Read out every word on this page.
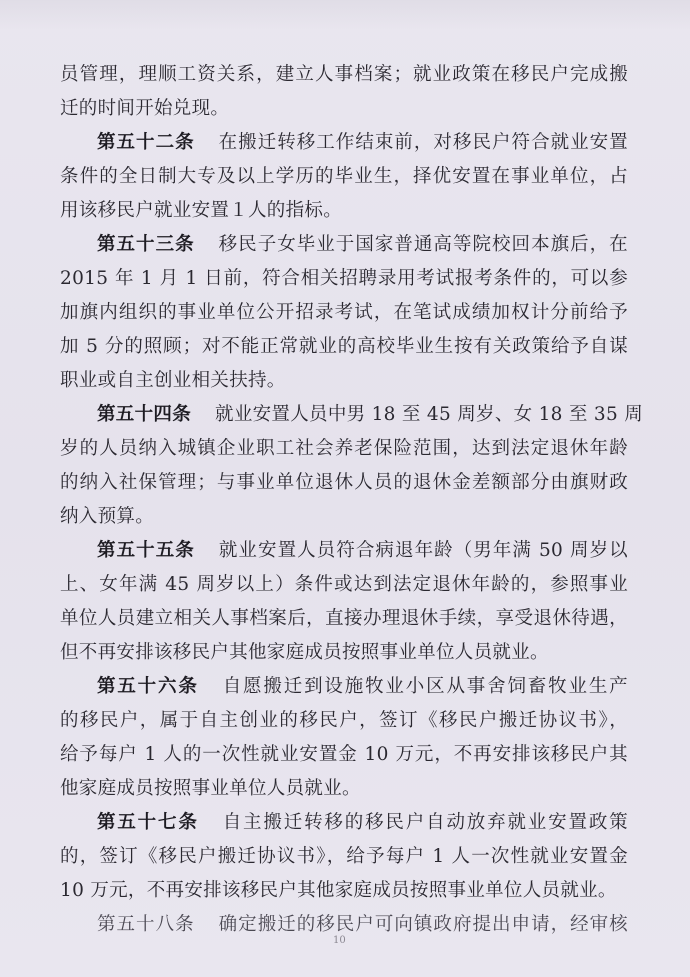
员管理，理顺工资关系，建立人事档案；就业政策在移民户完成搬
迁的时间开始兑现。
第五十二条 在搬迁转移工作结束前，对移民户符合就业安置
条件的全日制大专及以上学历的毕业生，择优安置在事业单位，占
用该移民户就业安置１人的指标。
第五十三条 移民子女毕业于国家普通高等院校回本旗后，在
2015 年 1 月 1 日前，符合相关招聘录用考试报考条件的，可以参
加旗内组织的事业单位公开招录考试，在笔试成绩加权计分前给予
加 5 分的照顾；对不能正常就业的高校毕业生按有关政策给予自谋
职业或自主创业相关扶持。
第五十四条 就业安置人员中男 18 至 45 周岁、女 18 至 35 周
岁的人员纳入城镇企业职工社会养老保险范围，达到法定退休年龄
的纳入社保管理；与事业单位退休人员的退休金差额部分由旗财政
纳入预算。
第五十五条 就业安置人员符合病退年龄（男年满 50 周岁以
上、女年满 45 周岁以上）条件或达到法定退休年龄的，参照事业
单位人员建立相关人事档案后，直接办理退休手续，享受退休待遇，
但不再安排该移民户其他家庭成员按照事业单位人员就业。
第五十六条 自愿搬迁到设施牧业小区从事舍饲畜牧业生产
的移民户，属于自主创业的移民户，签订《移民户搬迁协议书》，
给予每户 1 人的一次性就业安置金 10 万元，不再安排该移民户其
他家庭成员按照事业单位人员就业。
第五十七条 自主搬迁转移的移民户自动放弃就业安置政策
的，签订《移民户搬迁协议书》，给予每户 1 人一次性就业安置金
10 万元，不再安排该移民户其他家庭成员按照事业单位人员就业。
第五十八条 确定搬迁的移民户可向镇政府提出申请，经审核
10
